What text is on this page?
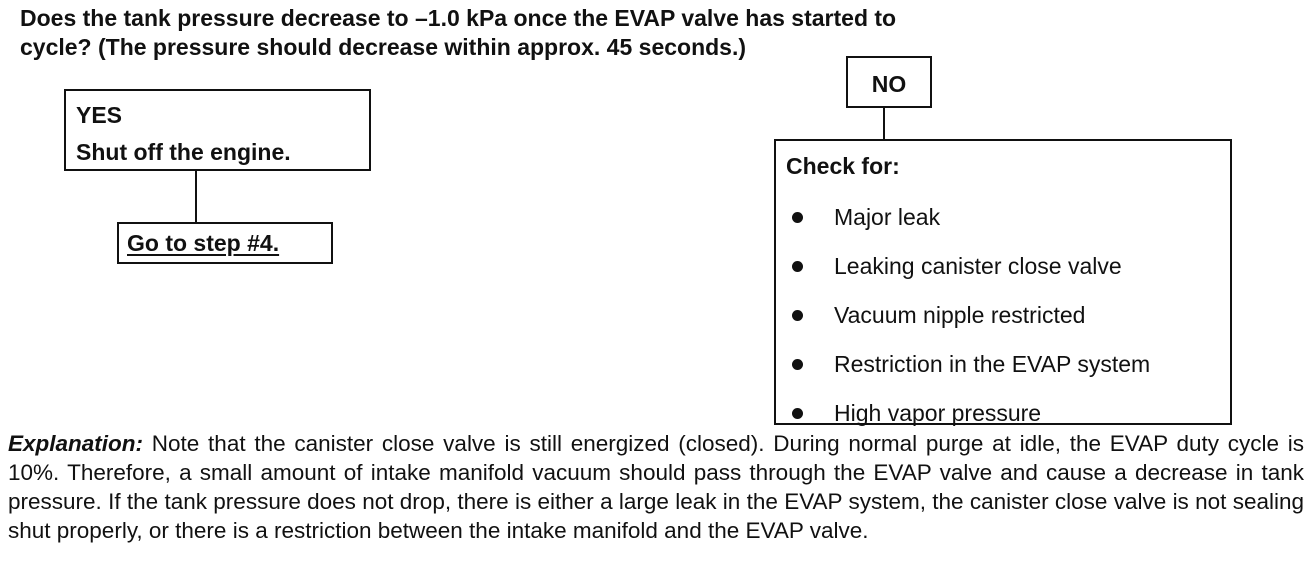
Does the tank pressure decrease to –1.0 kPa once the EVAP valve has started to
cycle? (The pressure should decrease within approx. 45 seconds.)
YES
Shut off the engine.
Go to step #4.
NO
Check for:
Major leak
Leaking canister close valve
Vacuum nipple restricted
Restriction in the EVAP system
High vapor pressure

Explanation: Note that the canister close valve is still energized (closed). During normal purge at idle, the EVAP duty cycle is 10%. Therefore, a small amount of intake manifold vacuum should pass through the EVAP valve and cause a decrease in tank pressure. If the tank pressure does not drop, there is either a large leak in the EVAP system, the canister close valve is not sealing shut properly, or there is a restriction between the intake manifold and the EVAP valve.
